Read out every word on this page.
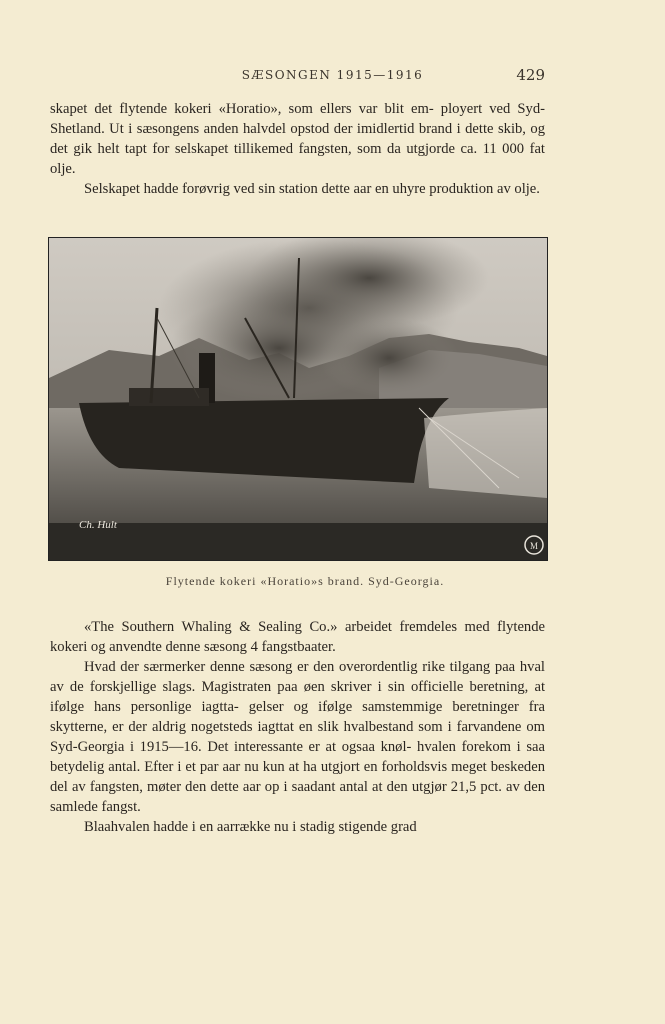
SÆSONGEN 1915—1916	429

skapet det flytende kokeri «Horatio», som ellers var blit em- ployert ved Syd-Shetland. Ut i sæsongens anden halvdel opstod der imidlertid brand i dette skib, og det gik helt tapt for selskapet tillikemed fangsten, som da utgjorde ca. 11 000 fat olje.

Selskapet hadde forøvrig ved sin station dette aar en uhyre produktion av olje.

M
Ch. Hult
Flytende kokeri «Horatio»s brand. Syd-Georgia.

«The Southern Whaling & Sealing Co.» arbeidet fremdeles med flytende kokeri og anvendte denne sæsong 4 fangstbaater.

Hvad der særmerker denne sæsong er den overordentlig rike tilgang paa hval av de forskjellige slags. Magistraten paa øen skriver i sin officielle beretning, at ifølge hans personlige iagtta- gelser og ifølge samstemmige beretninger fra skytterne, er der aldrig nogetsteds iagttat en slik hvalbestand som i farvandene om Syd-Georgia i 1915—16. Det interessante er at ogsaa knøl- hvalen forekom i saa betydelig antal. Efter i et par aar nu kun at ha utgjort en forholdsvis meget beskeden del av fangsten, møter den dette aar op i saadant antal at den utgjør 21,5 pct. av den samlede fangst.

Blaahvalen hadde i en aarrække nu i stadig stigende grad
